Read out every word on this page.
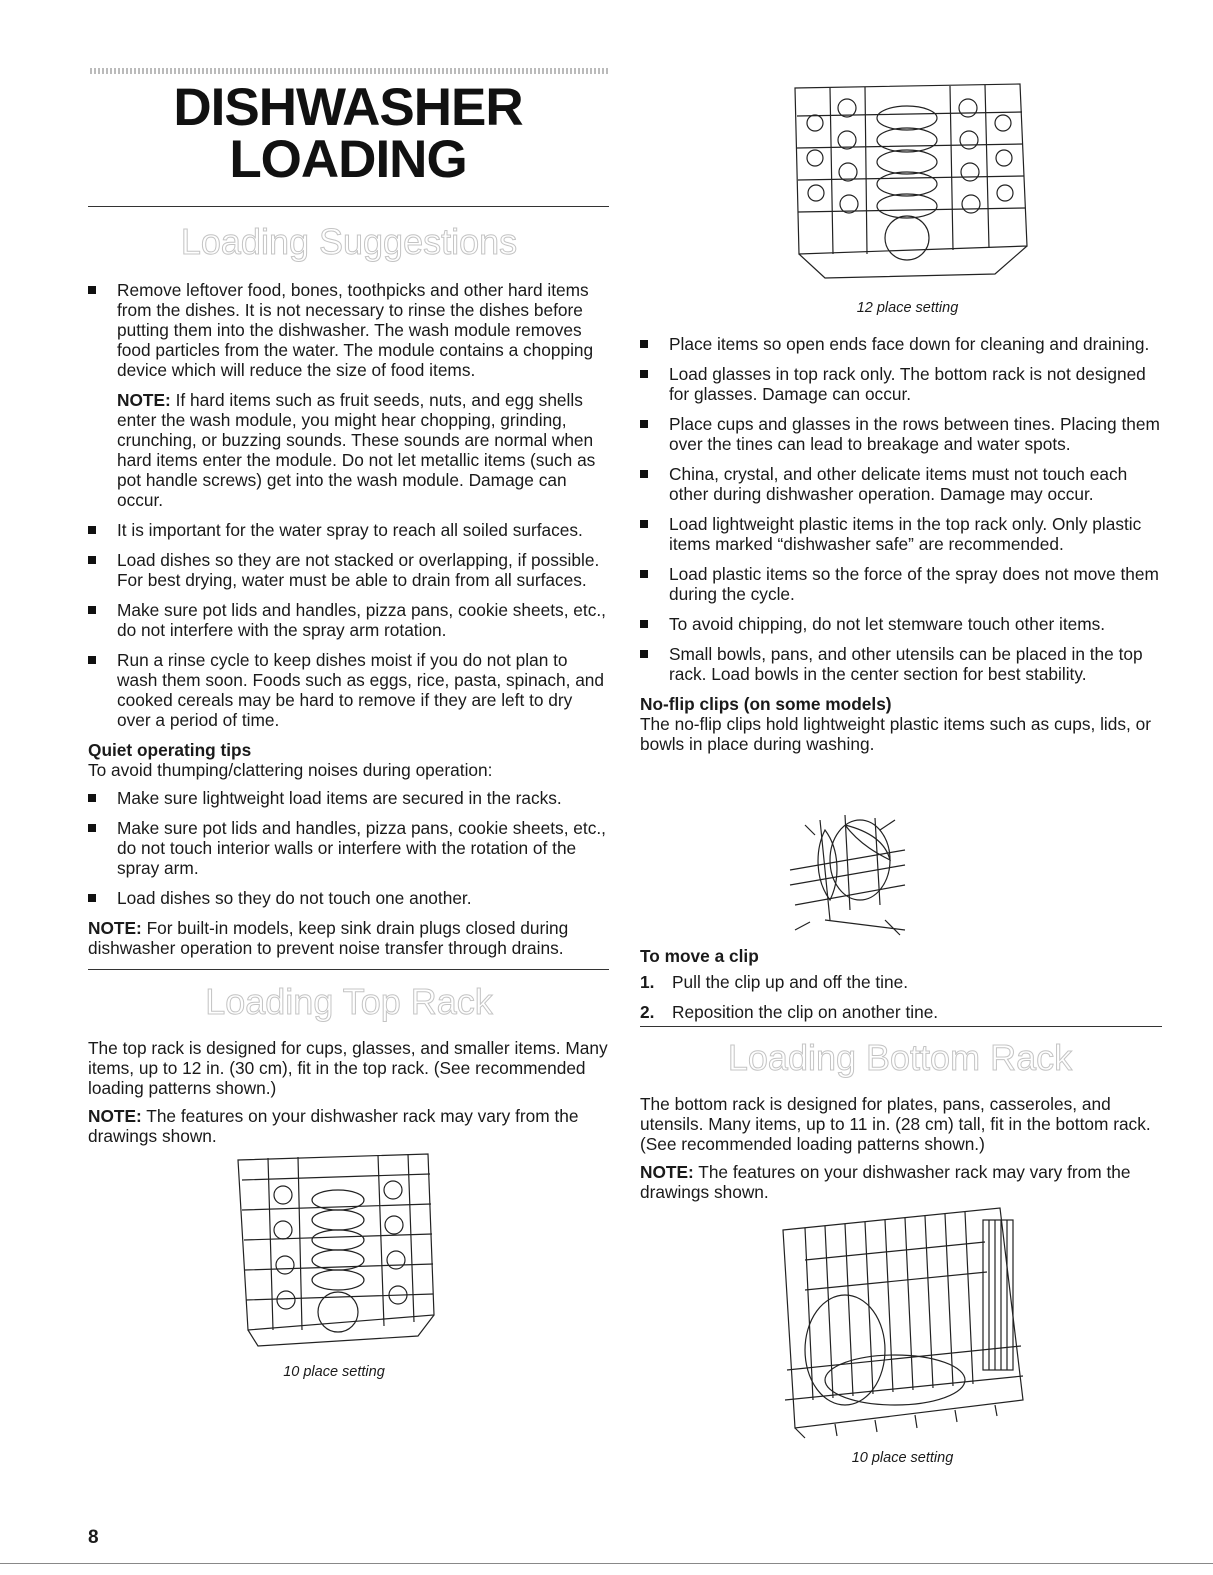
DISHWASHER
LOADING
Loading Suggestions
Remove leftover food, bones, toothpicks and other hard items from the dishes. It is not necessary to rinse the dishes before putting them into the dishwasher. The wash module removes food particles from the water. The module contains a chopping device which will reduce the size of food items.

NOTE: If hard items such as fruit seeds, nuts, and egg shells enter the wash module, you might hear chopping, grinding, crunching, or buzzing sounds. These sounds are normal when hard items enter the module. Do not let metallic items (such as pot handle screws) get into the wash module. Damage can occur.

It is important for the water spray to reach all soiled surfaces.
Load dishes so they are not stacked or overlapping, if possible. For best drying, water must be able to drain from all surfaces.
Make sure pot lids and handles, pizza pans, cookie sheets, etc., do not interfere with the spray arm rotation.
Run a rinse cycle to keep dishes moist if you do not plan to wash them soon. Foods such as eggs, rice, pasta, spinach, and cooked cereals may be hard to remove if they are left to dry over a period of time.
Quiet operating tips

To avoid thumping/clattering noises during operation:

Make sure lightweight load items are secured in the racks.
Make sure pot lids and handles, pizza pans, cookie sheets, etc., do not touch interior walls or interfere with the rotation of the spray arm.
Load dishes so they do not touch one another.

NOTE: For built-in models, keep sink drain plugs closed during dishwasher operation to prevent noise transfer through drains.

Loading Top Rack

The top rack is designed for cups, glasses, and smaller items. Many items, up to 12 in. (30 cm), fit in the top rack. (See recommended loading patterns shown.)

NOTE: The features on your dishwasher rack may vary from the drawings shown.

10 place setting
12 place setting
Place items so open ends face down for cleaning and draining.
Load glasses in top rack only. The bottom rack is not designed for glasses. Damage can occur.
Place cups and glasses in the rows between tines. Placing them over the tines can lead to breakage and water spots.
China, crystal, and other delicate items must not touch each other during dishwasher operation. Damage may occur.
Load lightweight plastic items in the top rack only. Only plastic items marked “dishwasher safe” are recommended.
Load plastic items so the force of the spray does not move them during the cycle.
To avoid chipping, do not let stemware touch other items.
Small bowls, pans, and other utensils can be placed in the top rack. Load bowls in the center section for best stability.
No-flip clips (on some models)

The no-flip clips hold lightweight plastic items such as cups, lids, or bowls in place during washing.

To move a clip
1. Pull the clip up and off the tine.
2. Reposition the clip on another tine.
Loading Bottom Rack

The bottom rack is designed for plates, pans, casseroles, and utensils. Many items, up to 11 in. (28 cm) tall, fit in the bottom rack. (See recommended loading patterns shown.)

NOTE: The features on your dishwasher rack may vary from the drawings shown.

10 place setting
8
